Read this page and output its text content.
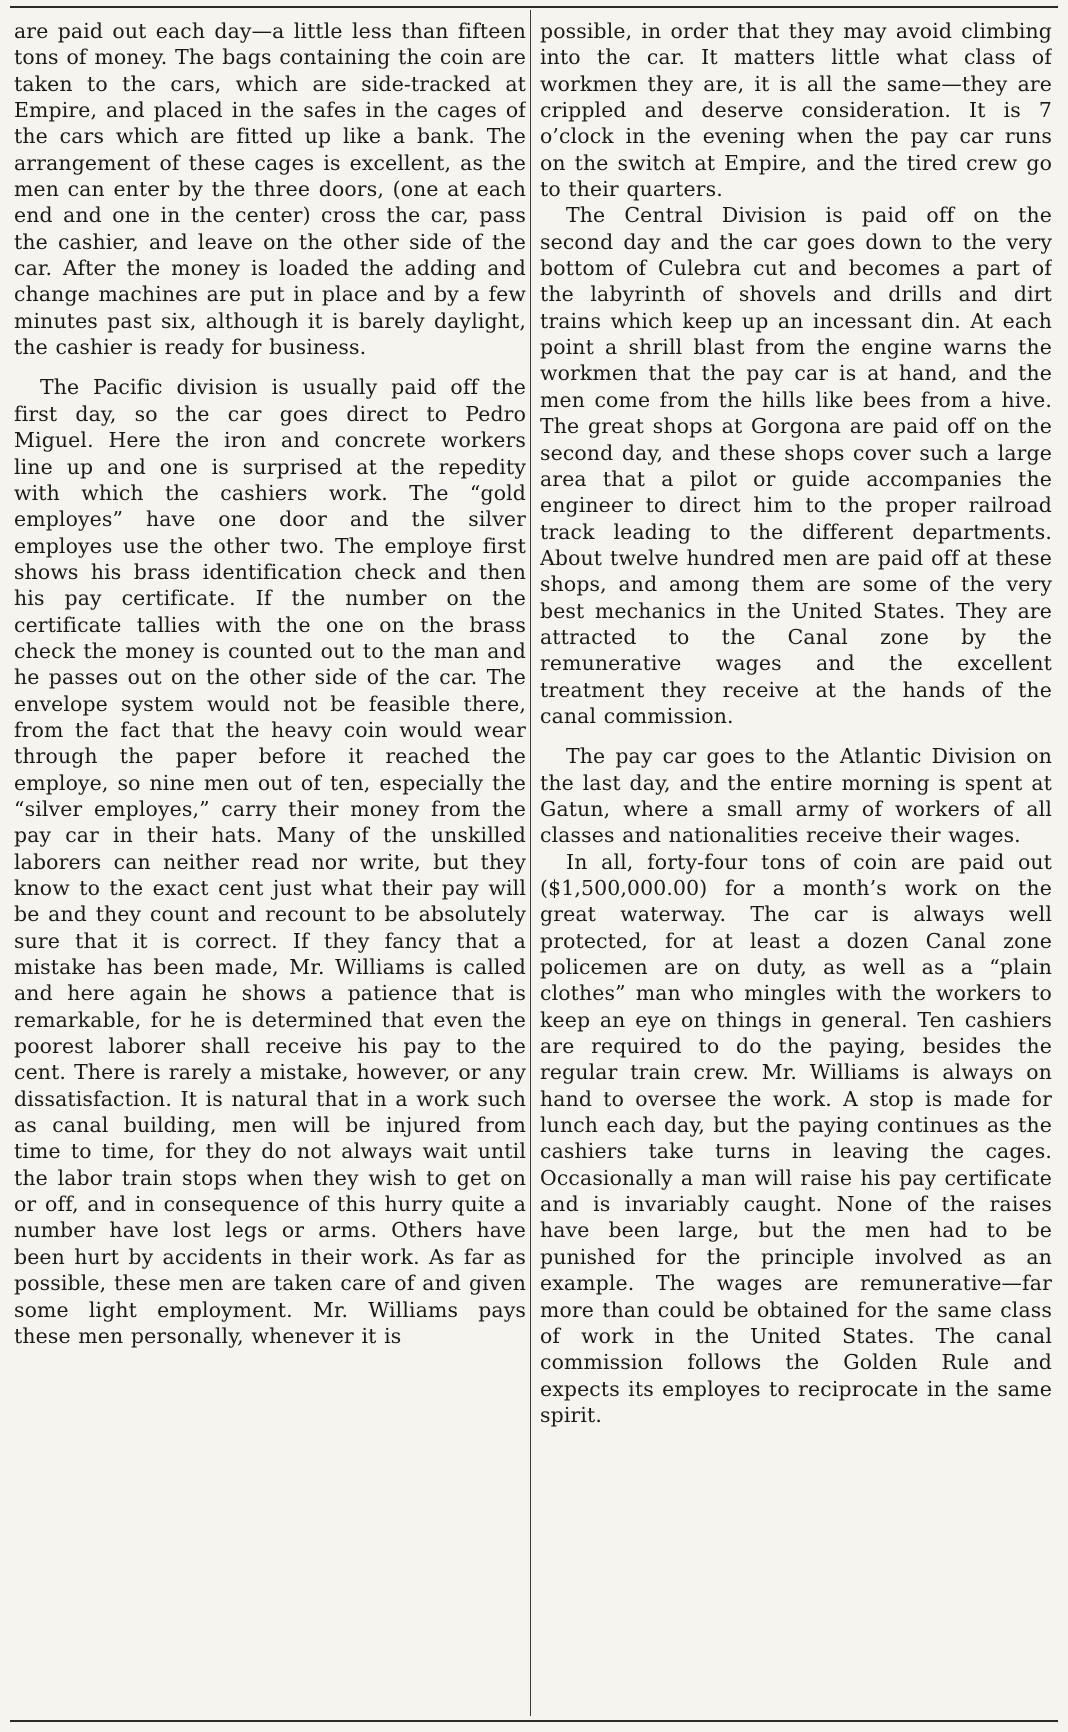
are paid out each day—a little less than fifteen tons of money. The bags containing the coin are taken to the cars, which are side-tracked at Empire, and placed in the safes in the cages of the cars which are fitted up like a bank. The arrangement of these cages is excellent, as the men can enter by the three doors, (one at each end and one in the center) cross the car, pass the cashier, and leave on the other side of the car. After the money is loaded the adding and change machines are put in place and by a few minutes past six, although it is barely daylight, the cashier is ready for business.

The Pacific division is usually paid off the first day, so the car goes direct to Pedro Miguel. Here the iron and concrete workers line up and one is surprised at the repedity with which the cashiers work. The “gold employes” have one door and the silver employes use the other two. The employe first shows his brass identification check and then his pay certificate. If the number on the certificate tallies with the one on the brass check the money is counted out to the man and he passes out on the other side of the car. The envelope system would not be feasible there, from the fact that the heavy coin would wear through the paper before it reached the employe, so nine men out of ten, especially the “silver employes,” carry their money from the pay car in their hats. Many of the unskilled laborers can neither read nor write, but they know to the exact cent just what their pay will be and they count and recount to be absolutely sure that it is correct. If they fancy that a mistake has been made, Mr. Williams is called and here again he shows a patience that is remarkable, for he is determined that even the poorest laborer shall receive his pay to the cent. There is rarely a mistake, however, or any dissatisfaction. It is natural that in a work such as canal building, men will be injured from time to time, for they do not always wait until the labor train stops when they wish to get on or off, and in consequence of this hurry quite a number have lost legs or arms. Others have been hurt by accidents in their work. As far as possible, these men are taken care of and given some light employment. Mr. Williams pays these men personally, whenever it is

possible, in order that they may avoid climbing into the car. It matters little what class of workmen they are, it is all the same—they are crippled and deserve consideration. It is 7 o’clock in the evening when the pay car runs on the switch at Empire, and the tired crew go to their quarters.

The Central Division is paid off on the second day and the car goes down to the very bottom of Culebra cut and becomes a part of the labyrinth of shovels and drills and dirt trains which keep up an incessant din. At each point a shrill blast from the engine warns the workmen that the pay car is at hand, and the men come from the hills like bees from a hive. The great shops at Gorgona are paid off on the second day, and these shops cover such a large area that a pilot or guide accompanies the engineer to direct him to the proper railroad track leading to the different departments. About twelve hundred men are paid off at these shops, and among them are some of the very best mechanics in the United States. They are attracted to the Canal zone by the remunerative wages and the excellent treatment they receive at the hands of the canal commission.

The pay car goes to the Atlantic Division on the last day, and the entire morning is spent at Gatun, where a small army of workers of all classes and nationalities receive their wages.

In all, forty-four tons of coin are paid out ($1,500,000.00) for a month’s work on the great waterway. The car is always well protected, for at least a dozen Canal zone policemen are on duty, as well as a “plain clothes” man who mingles with the workers to keep an eye on things in general. Ten cashiers are required to do the paying, besides the regular train crew. Mr. Williams is always on hand to oversee the work. A stop is made for lunch each day, but the paying continues as the cashiers take turns in leaving the cages. Occasionally a man will raise his pay certificate and is invariably caught. None of the raises have been large, but the men had to be punished for the principle involved as an example. The wages are remunerative—far more than could be obtained for the same class of work in the United States. The canal commission follows the Golden Rule and expects its employes to reciprocate in the same spirit.
